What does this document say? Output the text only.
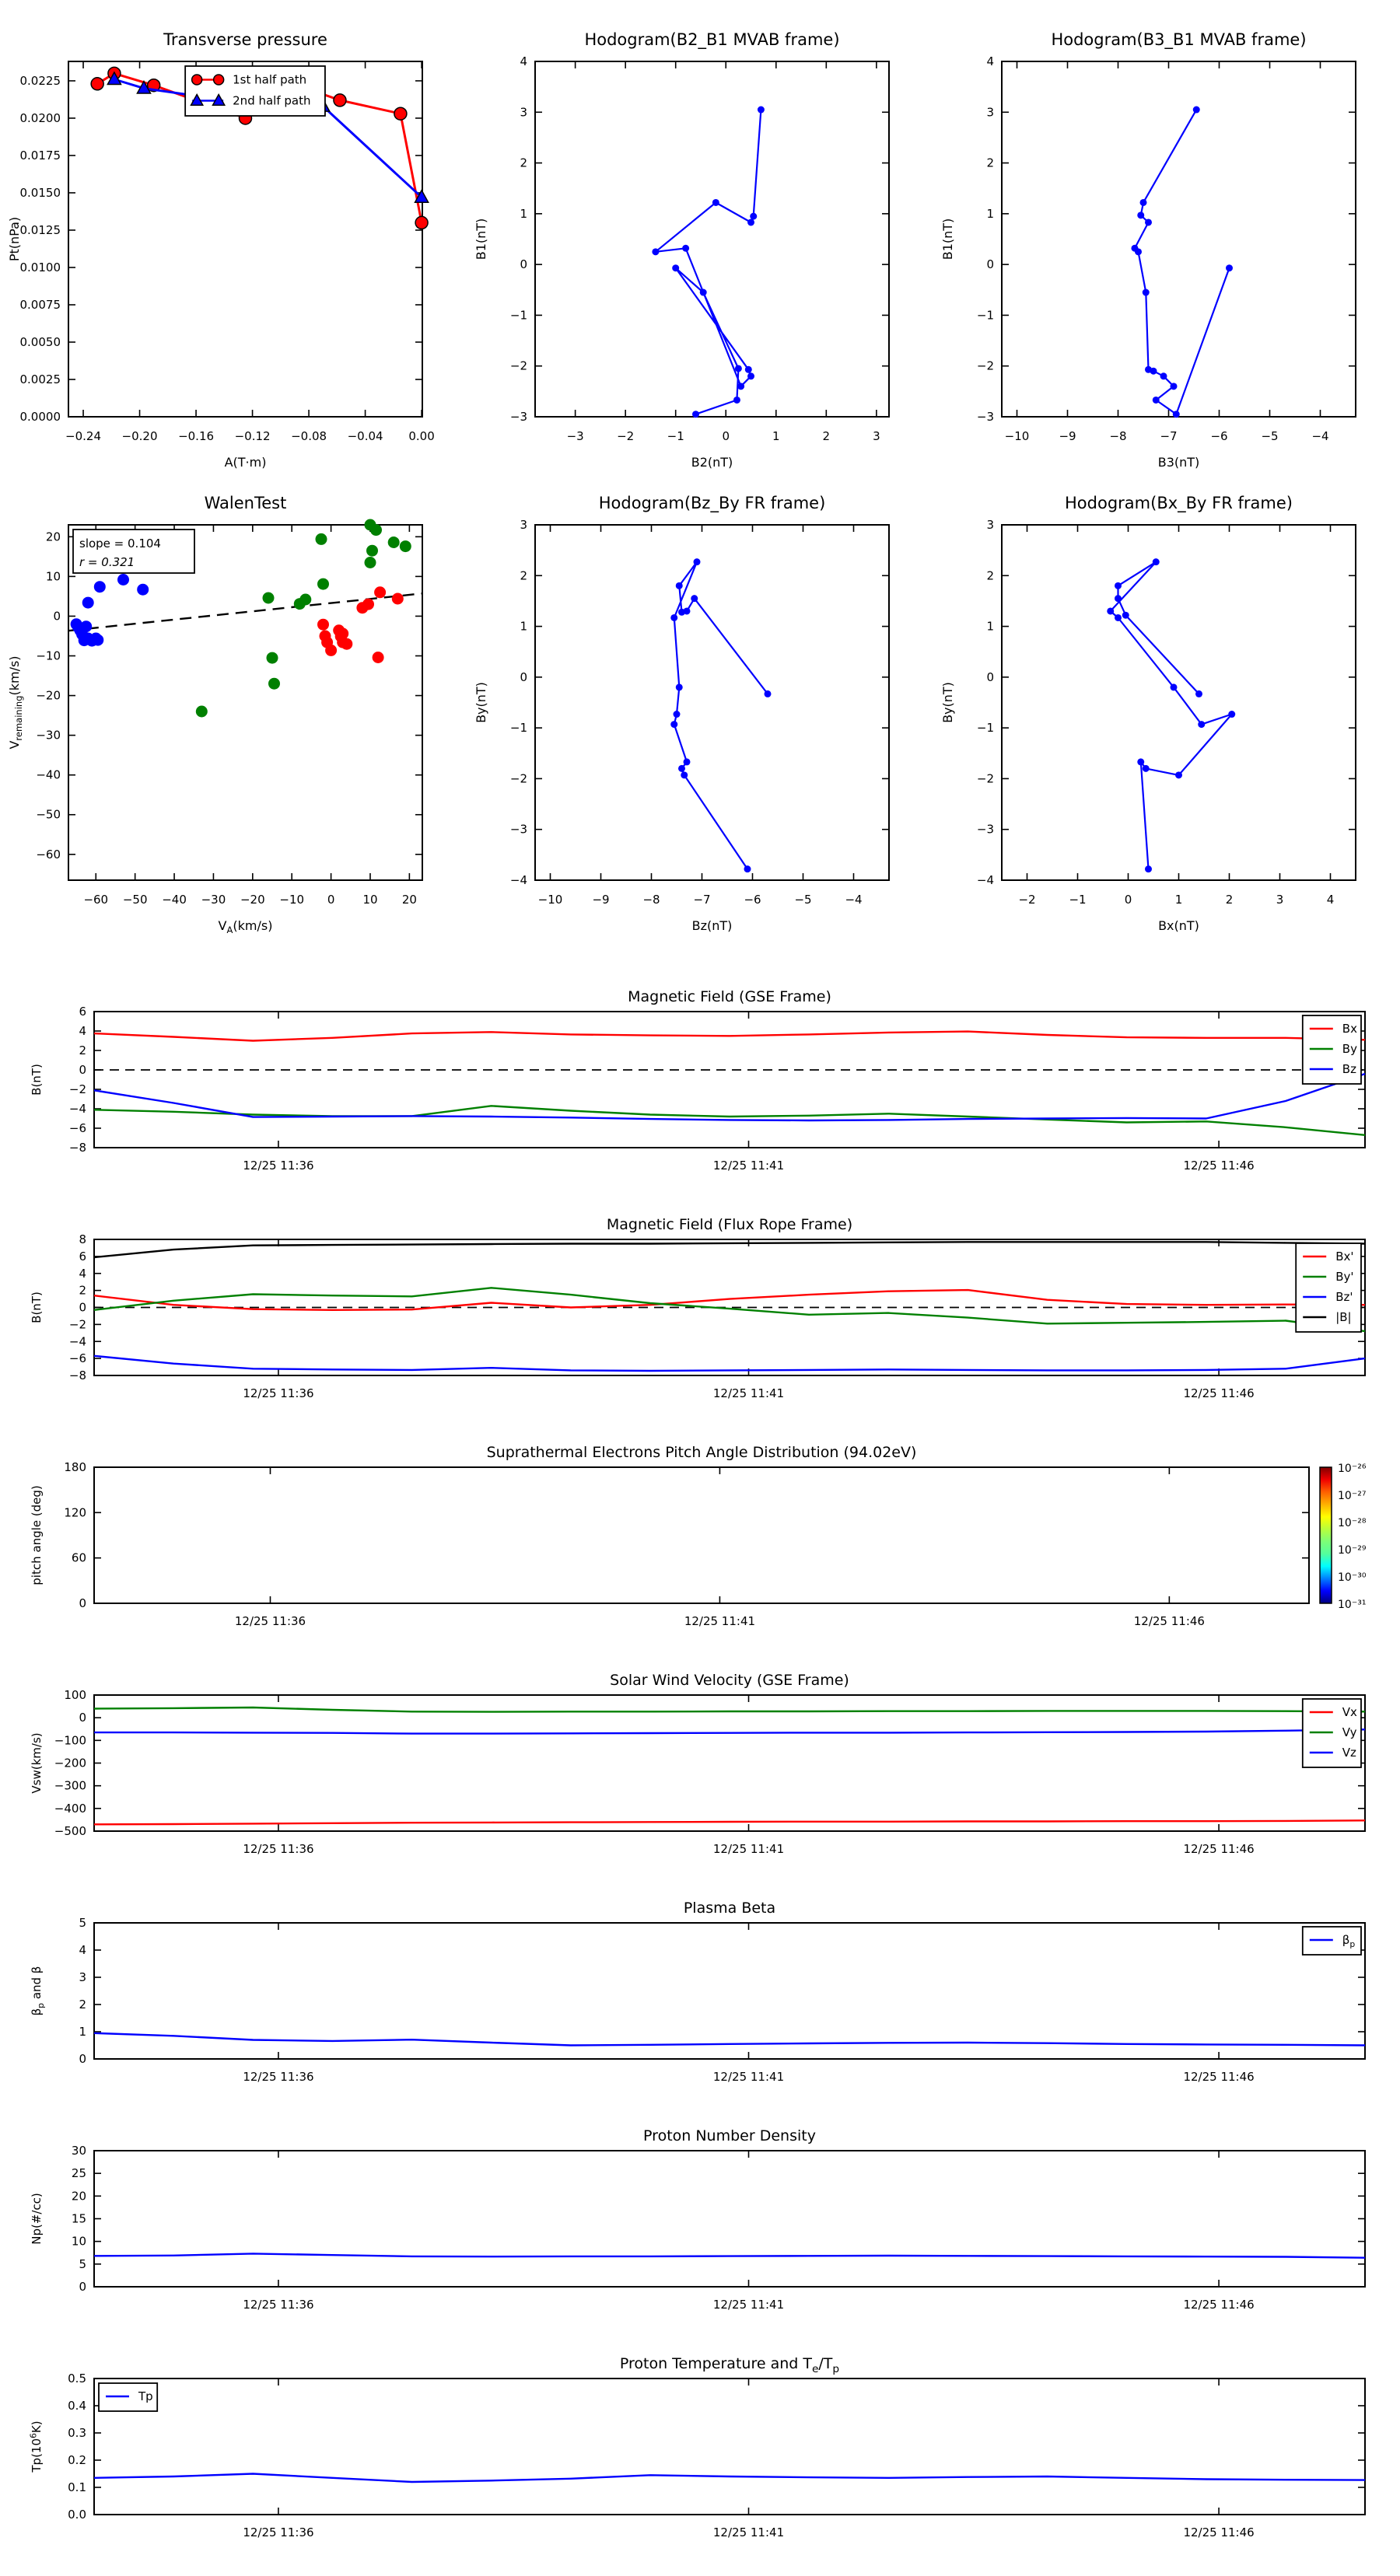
Transverse pressure
−0.24 −0.20 −0.16 −0.12 −0.08 −0.04 0.00
0.0000
0.0025
0.0050
0.0075
0.0100
0.0125
0.0150
0.0175
0.0200
0.0225	1st half path
2nd half path
A(T·m)
Pt(nPa)
Hodogram(B2_B1 MVAB frame)
−3	−2	−1	0	1	2	3
−3
−2
−1
0
1
2
3
4
B2(nT)
B1(nT)
Hodogram(B3_B1 MVAB frame)
−10	−9	−8	−7	−6	−5	−4
−3
−2
−1
0
1
2
3
4
B3(nT)
B1(nT)
WalenTest
−60 −50 −40 −30 −20 −10 0 10 20
−60
−50
−40
−30
−20
−10
0
10
20 slope = 0.104
r = 0.321
$V_A(km/s)$
$V_{remaining}(km/s)$
Hodogram(Bz_By FR frame)
−10	−9	−8	−7	−6	−5	−4
−4
−3
−2
−1
0
1
2
3
Bz(nT)
By(nT)
Hodogram(Bx_By FR frame)
−2	−1	0	1	2	3	4
−4
−3
−2
−1
0
1
2
3
Bx(nT)
By(nT)
Magnetic Field (GSE Frame)
12/25 11:36	12/25 11:41	12/25 11:46
−8
−6
−4
−2
0
2
4
6
Bx
By
Bz
B(nT)
Magnetic Field (Flux Rope Frame)
12/25 11:36	12/25 11:41	12/25 11:46
−8
−6
−4
−2
0
2
4
6
8
Bx'
By'
Bz'
|B|
B(nT)
Suprathermal Electrons Pitch Angle Distribution (94.02eV)
12/25 11:36	12/25 11:41	12/25 11:46
0
60
120
180	10⁻²⁶
10⁻²⁷
10⁻²⁸
10⁻²⁹
10⁻³⁰
10⁻³¹
pitch angle (deg)
Solar Wind Velocity (GSE Frame)
12/25 11:36	12/25 11:41	12/25 11:46
−500
−400
−300
−200
−100
0
100
Vx
Vy
Vz
Vsw(km/s)
Plasma Beta
12/25 11:36	12/25 11:41	12/25 11:46
0
1
2
3
4
5
$\beta_p$
$\beta_p$ and β
Proton Number Density
12/25 11:36	12/25 11:41	12/25 11:46
0
5
10
15
20
25
30
Np(#/cc)
Proton Temperature and $T_e/T_p$
12/25 11:36	12/25 11:41	12/25 11:46
0.0
0.1
0.2
0.3
0.4
0.5
Tp
$Tp(10^6K)$
